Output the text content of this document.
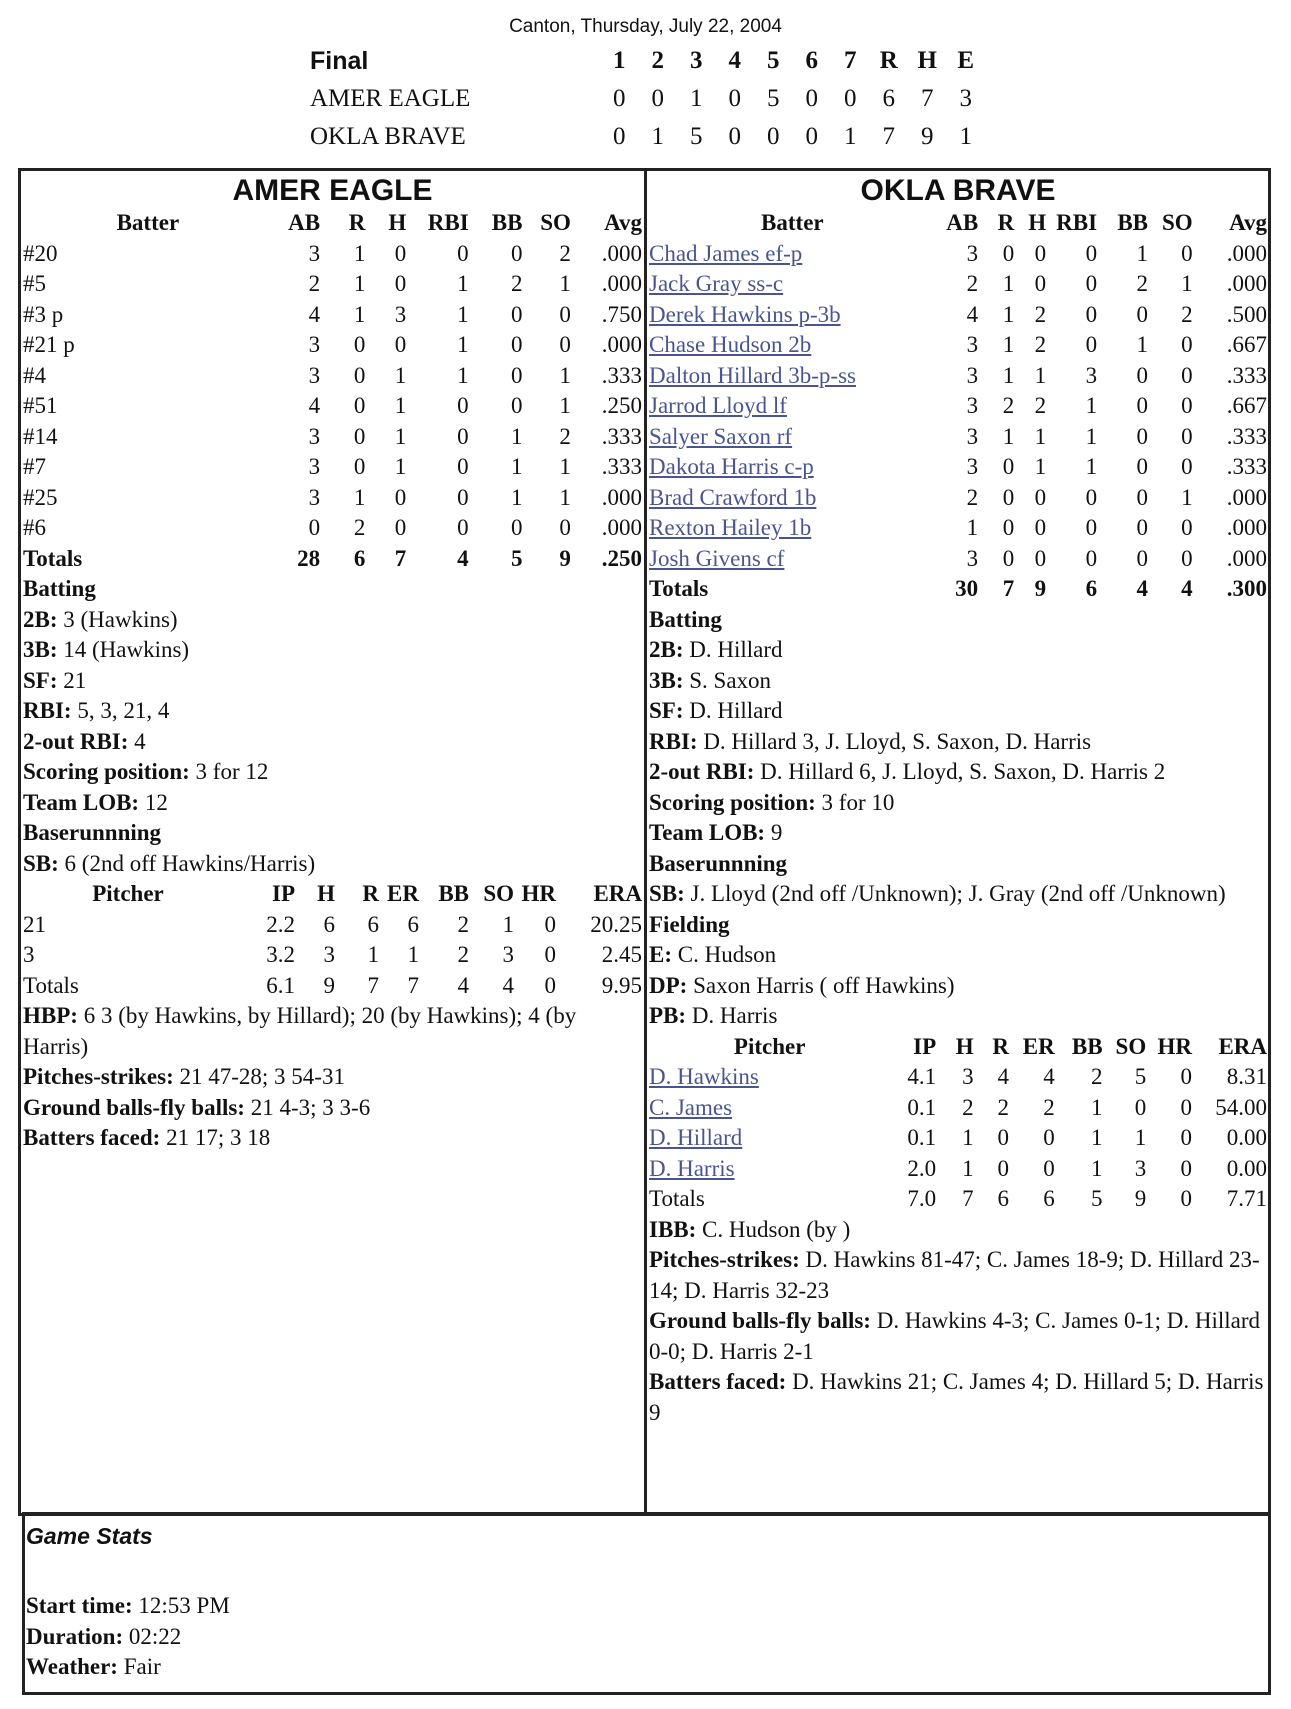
Canton, Thursday, July 22, 2004
Final	1	2	3	4	5	6	7	R	H	E
AMER EAGLE	0	0	1	0	5	0	0	6	7	3
OKLA BRAVE	0	1	5	0	0	0	1	7	9	1
AMER EAGLE
Batter	AB	R	H	RBI	BB	SO	Avg
#20	3	1	0	0	0	2	.000
#5	2	1	0	1	2	1	.000
#3 p	4	1	3	1	0	0	.750
#21 p	3	0	0	1	0	0	.000
#4	3	0	1	1	0	1	.333
#51	4	0	1	0	0	1	.250
#14	3	0	1	0	1	2	.333
#7	3	0	1	0	1	1	.333
#25	3	1	0	0	1	1	.000
#6	0	2	0	0	0	0	.000
Totals	28	6	7	4	5	9	.250
Batting
2B: 3 (Hawkins)
3B: 14 (Hawkins)
SF: 21
RBI: 5, 3, 21, 4
2-out RBI: 4
Scoring position: 3 for 12
Team LOB: 12
Baserunnning
SB: 6 (2nd off Hawkins/Harris)
Pitcher	IP	H	R	ER	BB	SO	HR	ERA
21	2.2	6	6	6	2	1	0	20.25
3	3.2	3	1	1	2	3	0	2.45
Totals	6.1	9	7	7	4	4	0	9.95
HBP: 6 3 (by Hawkins, by Hillard); 20 (by Hawkins); 4 (by Harris)
Pitches-strikes: 21 47-28; 3 54-31
Ground balls-fly balls: 21 4-3; 3 3-6
Batters faced: 21 17; 3 18
OKLA BRAVE
Batter	AB	R	H	RBI	BB	SO	Avg
Chad James ef-p	3	0	0	0	1	0	.000
Jack Gray ss-c	2	1	0	0	2	1	.000
Derek Hawkins p-3b	4	1	2	0	0	2	.500
Chase Hudson 2b	3	1	2	0	1	0	.667
Dalton Hillard 3b-p-ss	3	1	1	3	0	0	.333
Jarrod Lloyd lf	3	2	2	1	0	0	.667
Salyer Saxon rf	3	1	1	1	0	0	.333
Dakota Harris c-p	3	0	1	1	0	0	.333
Brad Crawford 1b	2	0	0	0	0	1	.000
Rexton Hailey 1b	1	0	0	0	0	0	.000
Josh Givens cf	3	0	0	0	0	0	.000
Totals	30	7	9	6	4	4	.300
Batting
2B: D. Hillard
3B: S. Saxon
SF: D. Hillard
RBI: D. Hillard 3, J. Lloyd, S. Saxon, D. Harris
2-out RBI: D. Hillard 6, J. Lloyd, S. Saxon, D. Harris 2
Scoring position: 3 for 10
Team LOB: 9
Baserunnning
SB: J. Lloyd (2nd off /Unknown); J. Gray (2nd off /Unknown)
Fielding
E: C. Hudson
DP: Saxon Harris ( off Hawkins)
PB: D. Harris
Pitcher	IP	H	R	ER	BB	SO	HR	ERA
D. Hawkins	4.1	3	4	4	2	5	0	8.31
C. James	0.1	2	2	2	1	0	0	54.00
D. Hillard	0.1	1	0	0	1	1	0	0.00
D. Harris	2.0	1	0	0	1	3	0	0.00
Totals	7.0	7	6	6	5	9	0	7.71
IBB: C. Hudson (by )
Pitches-strikes: D. Hawkins 81-47; C. James 18-9; D. Hillard 23-14; D. Harris 32-23
Ground balls-fly balls: D. Hawkins 4-3; C. James 0-1; D. Hillard 0-0; D. Harris 2-1
Batters faced: D. Hawkins 21; C. James 4; D. Hillard 5; D. Harris 9
Game Stats
Start time: 12:53 PM
Duration: 02:22
Weather: Fair
